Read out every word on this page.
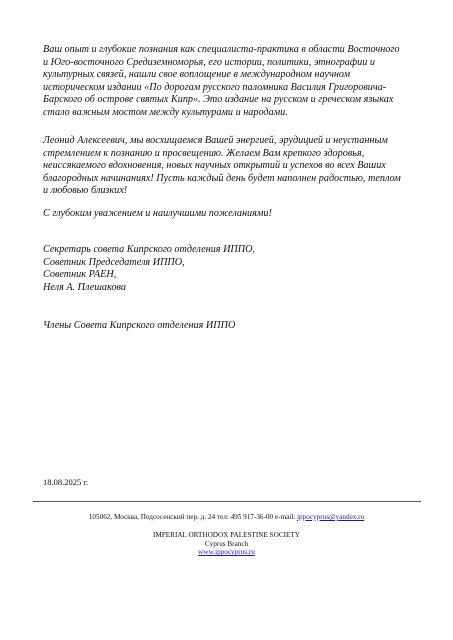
Ваш опыт и глубокие познания как специалиста-практика в области Восточного
и Юго-восточного Средиземноморья, его истории, политики, этнографии и
культурных связей, нашли свое воплощение в международном научном
историческом издании «По дорогам русского паломника Василия Григоровича-
Барского об острове святых Кипр». Это издание на русском и греческом языках
стало важным мостом между культурами и народами.

Леонид Алексеевич, мы восхищаемся Вашей энергией, эрудицией и неустанным
стремлением к познанию и просвещению. Желаем Вам крепкого здоровья,
неиссякаемого вдохновения, новых научных открытий и успехов во всех Ваших
благородных начинаниях! Пусть каждый день будет наполнен радостью, теплом
и любовью близких!

С глубоким уважением и наилучшими пожеланиями!

Секретарь совета Кипрского отделения ИППО,
Советник Председателя ИППО,
Советник РАЕН,
Неля А. Плешакова

Члены Совета Кипрского отделения ИППО

18.08.2025 г.

105062, Москва, Подсосенский пер. д. 24 тел: 495 917-36-00 e-mail: ippocyprus@yandex.ru

IMPERIAL ORTHODOX PALESTINE SOCIETY
Cyprus Branch
www.ippocyprus.ru
